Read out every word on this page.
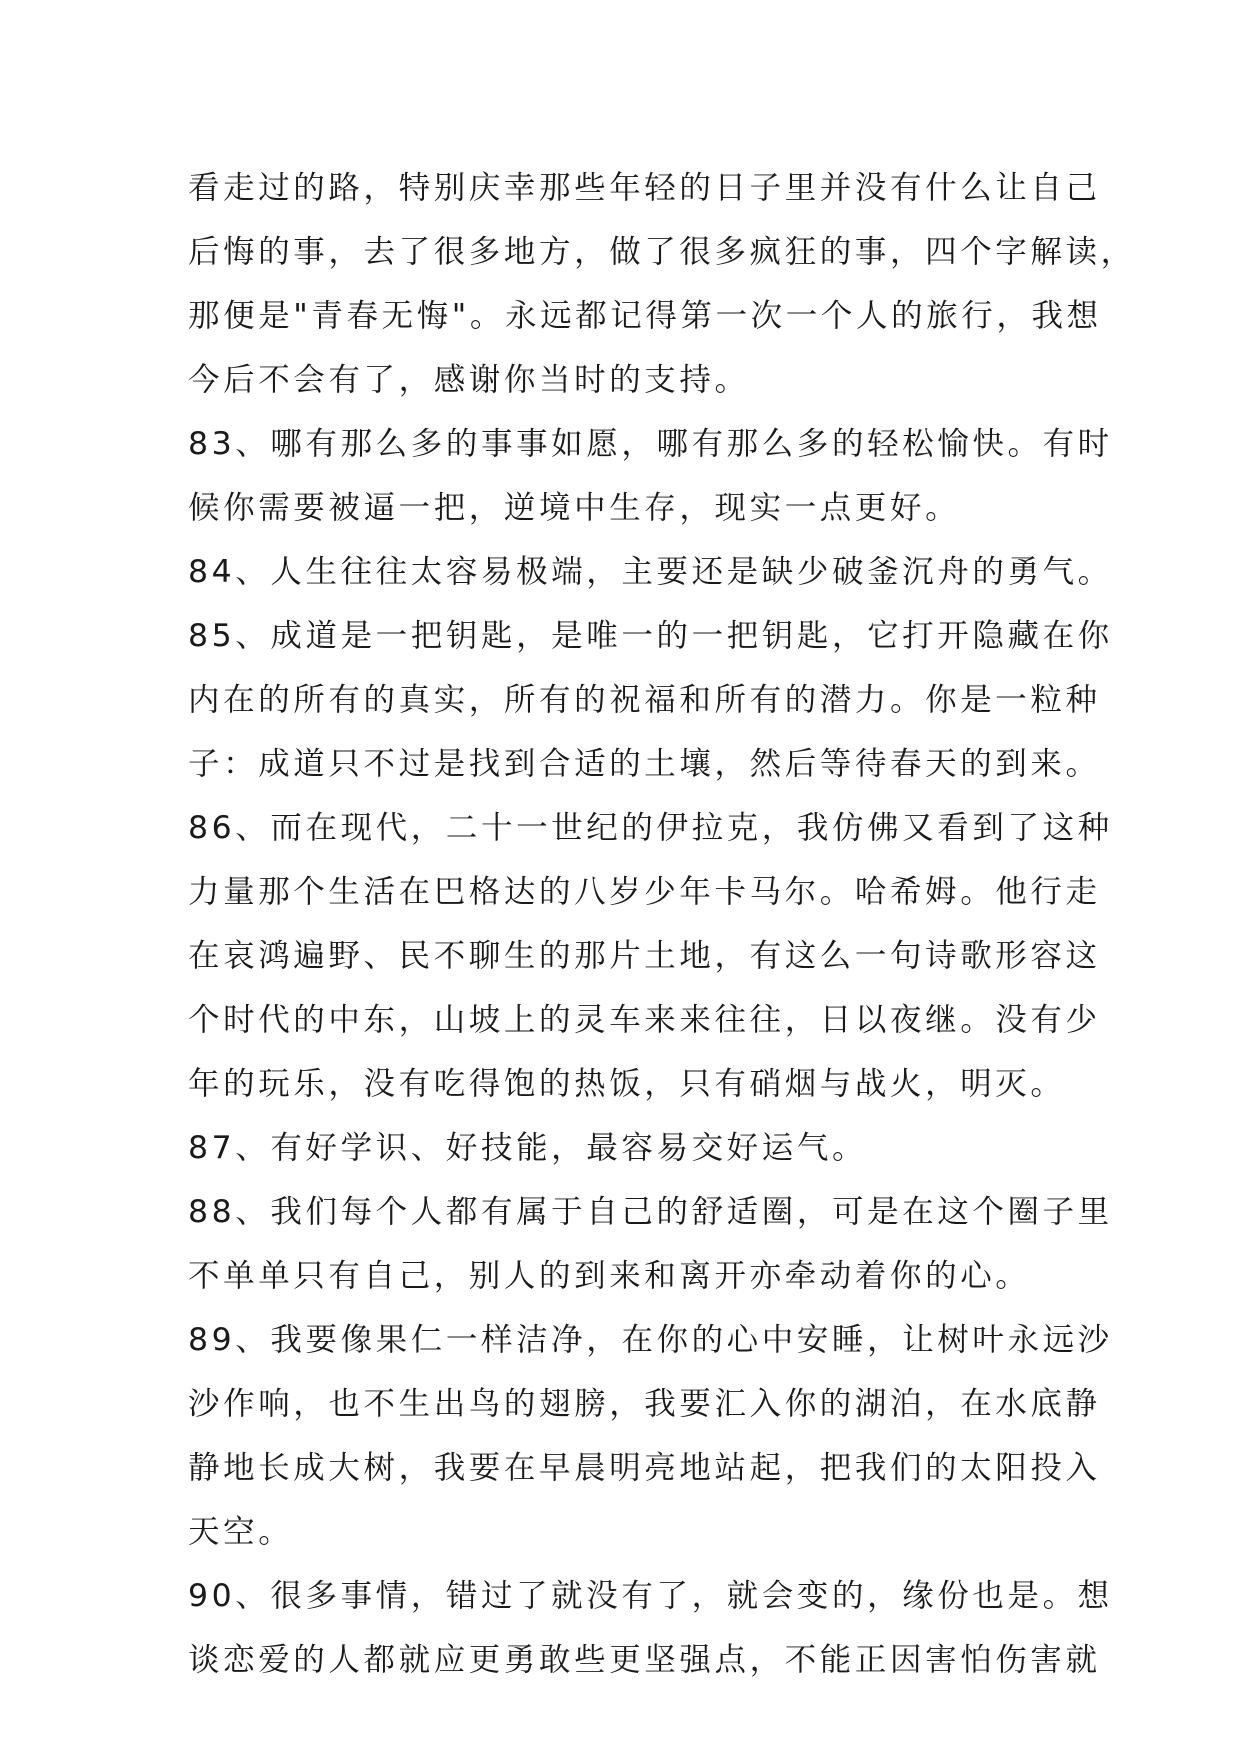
看走过的路，特别庆幸那些年轻的日子里并没有什么让自己
后悔的事，去了很多地方，做了很多疯狂的事，四个字解读，
那便是"青春无悔"。永远都记得第一次一个人的旅行，我想
今后不会有了，感谢你当时的支持。
83、哪有那么多的事事如愿，哪有那么多的轻松愉快。有时
候你需要被逼一把，逆境中生存，现实一点更好。
84、人生往往太容易极端，主要还是缺少破釜沉舟的勇气。
85、成道是一把钥匙，是唯一的一把钥匙，它打开隐藏在你
内在的所有的真实，所有的祝福和所有的潜力。你是一粒种
子：成道只不过是找到合适的土壤，然后等待春天的到来。
86、而在现代，二十一世纪的伊拉克，我仿佛又看到了这种
力量那个生活在巴格达的八岁少年卡马尔。哈希姆。他行走
在哀鸿遍野、民不聊生的那片土地，有这么一句诗歌形容这
个时代的中东，山坡上的灵车来来往往，日以夜继。没有少
年的玩乐，没有吃得饱的热饭，只有硝烟与战火，明灭。
87、有好学识、好技能，最容易交好运气。
88、我们每个人都有属于自己的舒适圈，可是在这个圈子里
不单单只有自己，别人的到来和离开亦牵动着你的心。
89、我要像果仁一样洁净，在你的心中安睡，让树叶永远沙
沙作响，也不生出鸟的翅膀，我要汇入你的湖泊，在水底静
静地长成大树，我要在早晨明亮地站起，把我们的太阳投入
天空。
90、很多事情，错过了就没有了，就会变的，缘份也是。想
谈恋爱的人都就应更勇敢些更坚强点，不能正因害怕伤害就
